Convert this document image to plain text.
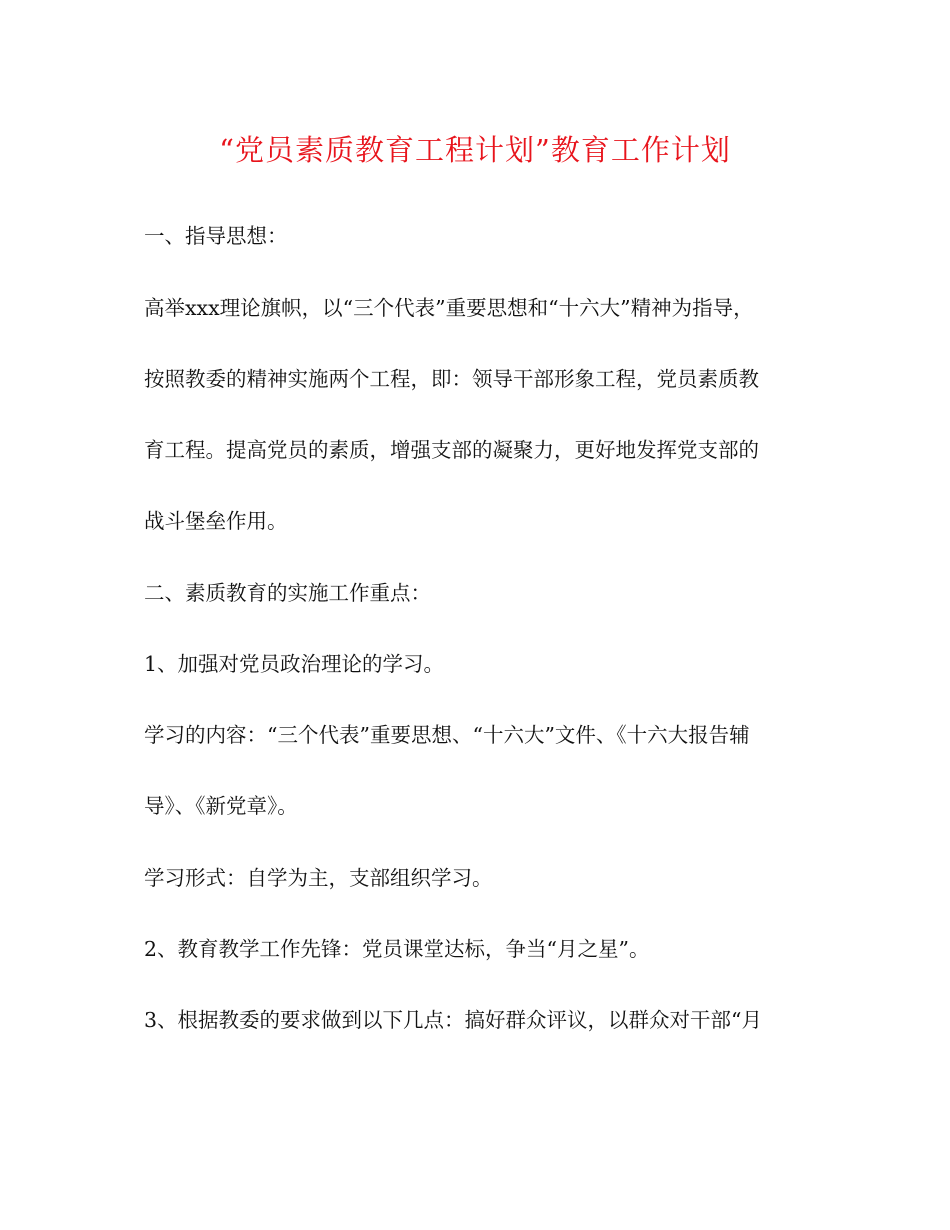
“党员素质教育工程计划”教育工作计划
一、指导思想：
高举xxx理论旗帜，以“三个代表”重要思想和“十六大”精神为指导，
按照教委的精神实施两个工程，即：领导干部形象工程，党员素质教
育工程。提高党员的素质，增强支部的凝聚力，更好地发挥党支部的
战斗堡垒作用。
二、素质教育的实施工作重点：
1、加强对党员政治理论的学习。
学习的内容：“三个代表”重要思想、“十六大”文件、《十六大报告辅
导》、《新党章》。
学习形式：自学为主，支部组织学习。
2、教育教学工作先锋：党员课堂达标，争当“月之星”。
3、根据教委的要求做到以下几点：搞好群众评议，以群众对干部“月
